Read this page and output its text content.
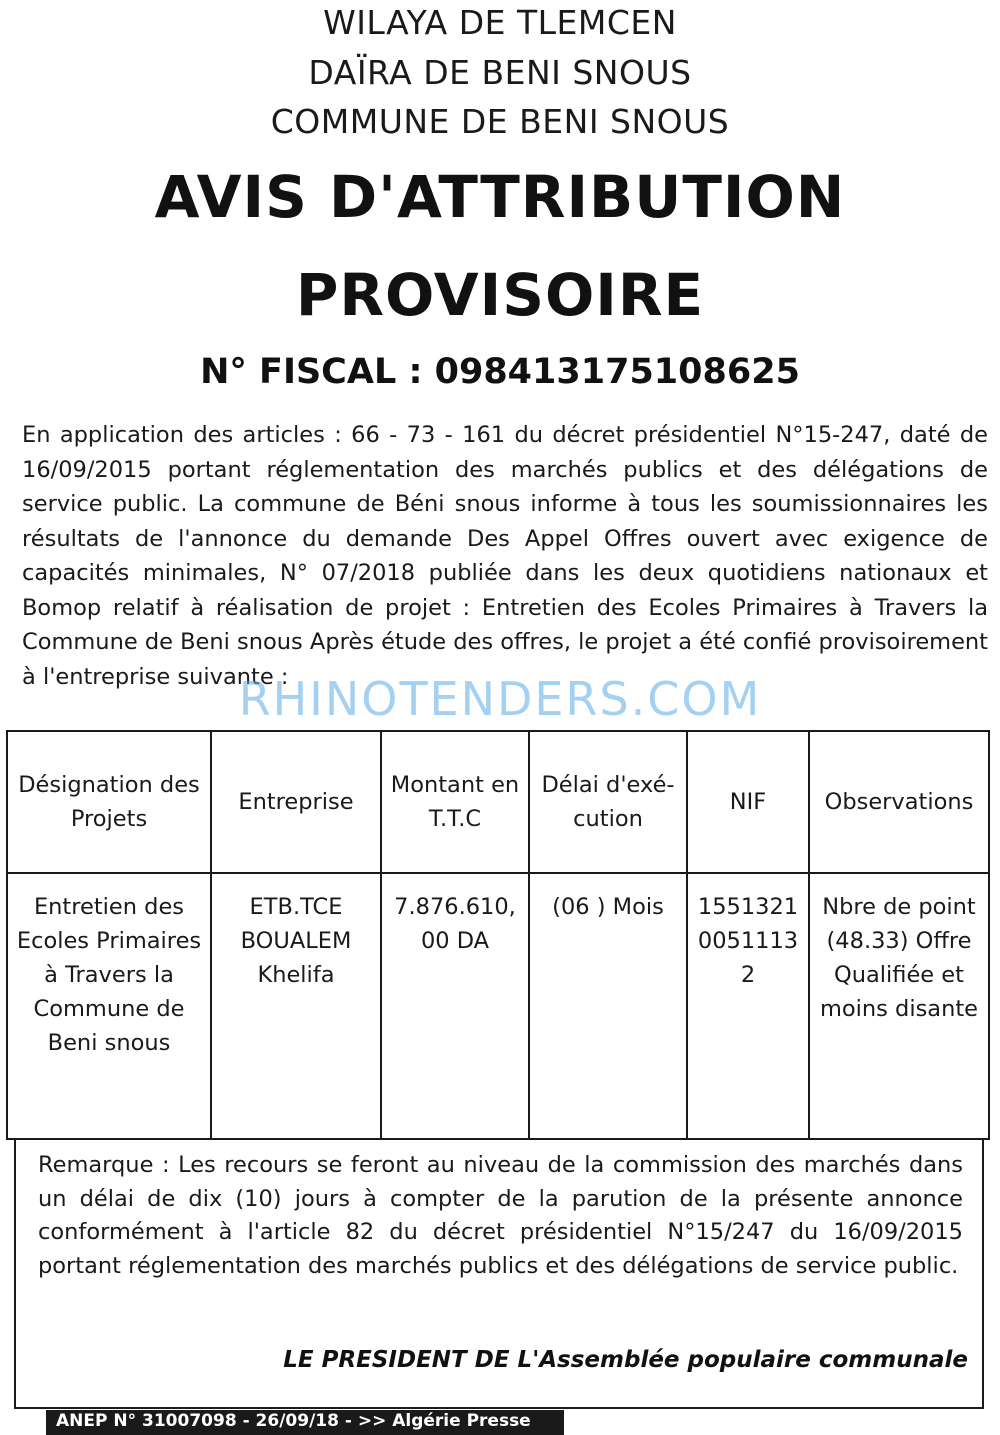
WILAYA DE TLEMCEN
DAÏRA DE BENI SNOUS
COMMUNE DE BENI SNOUS
AVIS D'ATTRIBUTION
PROVISOIRE
N° FISCAL : 098413175108625
En application des articles : 66 - 73 - 161 du décret présidentiel N°15-247, daté de 16/09/2015 portant réglementation des marchés publics et des délégations de service public. La commune de Béni snous informe à tous les soumissionnaires les résultats de l'annonce du demande Des Appel Offres ouvert avec exigence de capacités minimales, N° 07/2018 publiée dans les deux quotidiens nationaux et Bomop relatif à réalisation de projet : Entretien des Ecoles Primaires à Travers la Commune de Beni snous Après étude des offres, le projet a été confié provisoirement à l'entreprise suivante :
Désignation des Projets	Entreprise	Montant en T.T.C	Délai d'exé-cution	NIF	Observations
Entretien des Ecoles Primaires à Travers la Commune de Beni snous	ETB.TCE BOUALEM Khelifa	7.876.610, 00 DA	(06 ) Mois	155132100511132	Nbre de point (48.33) Offre Qualifiée et moins disante
RHINOTENDERS.COM
Remarque : Les recours se feront au niveau de la commission des marchés dans un délai de dix (10) jours à compter de la parution de la présente annonce conformément à l'article 82 du décret présidentiel N°15/247 du 16/09/2015 portant réglementation des marchés publics et des délégations de service public.
LE PRESIDENT DE L'Assemblée populaire communale
ANEP N° 31007098 - 26/09/18 - >> Algérie Presse
